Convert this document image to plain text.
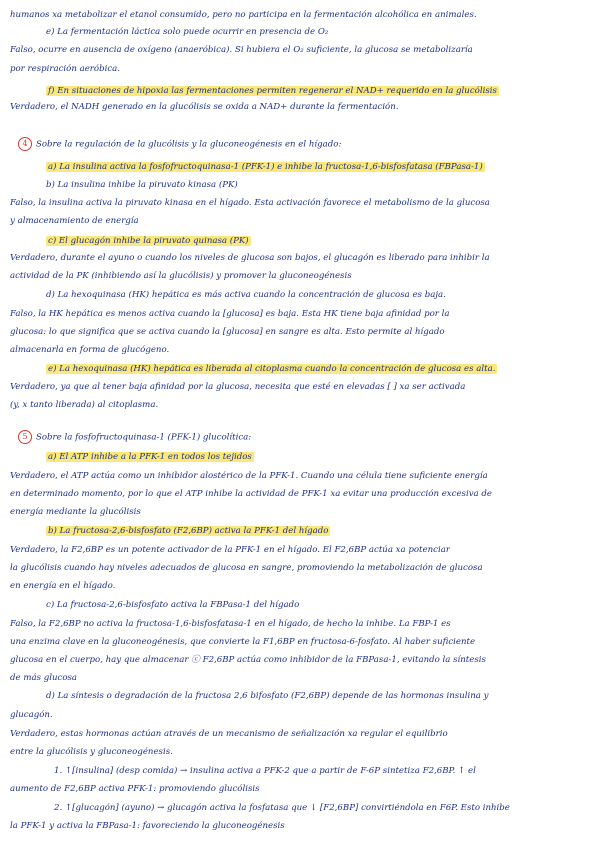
humanos xa metabolizar el etanol consumido, pero no participa en la fermentación alcohólica en animales.
e) La fermentación láctica solo puede ocurrir en presencia de O₂
Falso, ocurre en ausencia de oxígeno (anaeróbica). Si hubiera el O₂ suficiente, la glucosa se metabolizaría
por respiración aeróbica.
f) En situaciones de hipoxia las fermentaciones permiten regenerar el NAD+ requerido en la glucólisis
Verdadero, el NADH generado en la glucólisis se oxida a NAD+ durante la fermentación.
4 Sobre la regulación de la glucólisis y la gluconeogénesis en el hígado:
a) La insulina activa la fosfofructoquinasa-1 (PFK-1) e inhibe la fructosa-1,6-bisfosfatasa (FBPasa-1)
b) La insulina inhibe la piruvato kinasa (PK)
Falso, la insulina activa la piruvato kinasa en el hígado. Esta activación favorece el metabolismo de la glucosa
y almacenamiento de energía
c) El glucagón inhibe la piruvato quinasa (PK)
Verdadero, durante el ayuno o cuando los niveles de glucosa son bajos, el glucagón es liberado para inhibir la
actividad de la PK (inhibiendo así la glucólisis) y promover la gluconeogénesis
d) La hexoquinasa (HK) hepática es más activa cuando la concentración de glucosa es baja.
Falso, la HK hepática es menos activa cuando la [glucosa] es baja. Esta HK tiene baja afinidad por la
glucosa: lo que significa que se activa cuando la [glucosa] en sangre es alta. Esto permite al hígado
almacenarla en forma de glucógeno.
e) La hexoquinasa (HK) hepática es liberada al citoplasma cuando la concentración de glucosa es alta.
Verdadero, ya que al tener baja afinidad por la glucosa, necesita que esté en elevadas [ ] xa ser activada
(y, x tanto liberada) al citoplasma.
5 Sobre la fosfofructoquinasa-1 (PFK-1) glucolítica:
a) El ATP inhibe a la PFK-1 en todos los tejidos
Verdadero, el ATP actúa como un inhibidor alostérico de la PFK-1. Cuando una célula tiene suficiente energía
en determinado momento, por lo que el ATP inhibe la actividad de PFK-1 xa evitar una producción excesiva de
energía mediante la glucólisis
b) La fructosa-2,6-bisfosfato (F2,6BP) activa la PFK-1 del hígado
Verdadero, la F2,6BP es un potente activador de la PFK-1 en el hígado. El F2,6BP actúa xa potenciar
la glucólisis cuando hay niveles adecuados de glucosa en sangre, promoviendo la metabolización de glucosa
en energía en el hígado.
c) La fructosa-2,6-bisfosfato activa la FBPasa-1 del hígado
Falso, la F2,6BP no activa la fructosa-1,6-bisfosfatasa-1 en el hígado, de hecho la inhibe. La FBP-1 es
una enzima clave en la gluconeogénesis, que convierte la F1,6BP en fructosa-6-fosfato. Al haber suficiente
glucosa en el cuerpo, hay que almacenar ⓒ F2,6BP actúa como inhibidor de la FBPasa-1, evitando la síntesis
de más glucosa
d) La síntesis o degradación de la fructosa 2,6 bifosfato (F2,6BP) depende de las hormonas insulina y
glucagón.
Verdadero, estas hormonas actúan através de un mecanismo de señalización xa regular el equilibrio
entre la glucólisis y gluconeogénesis.
1. ↑[insulina] (desp comida) → insulina activa a PFK-2 que a partir de F-6P sintetiza F2,6BP. ↑ el
aumento de F2,6BP activa PFK-1: promoviendo glucólisis
2. ↑[glucagón] (ayuno) → glucagón activa la fosfatasa que ↓ [F2,6BP] convirtiéndola en F6P. Esto inhibe
la PFK-1 y activa la FBPasa-1: favoreciendo la gluconeogénesis
